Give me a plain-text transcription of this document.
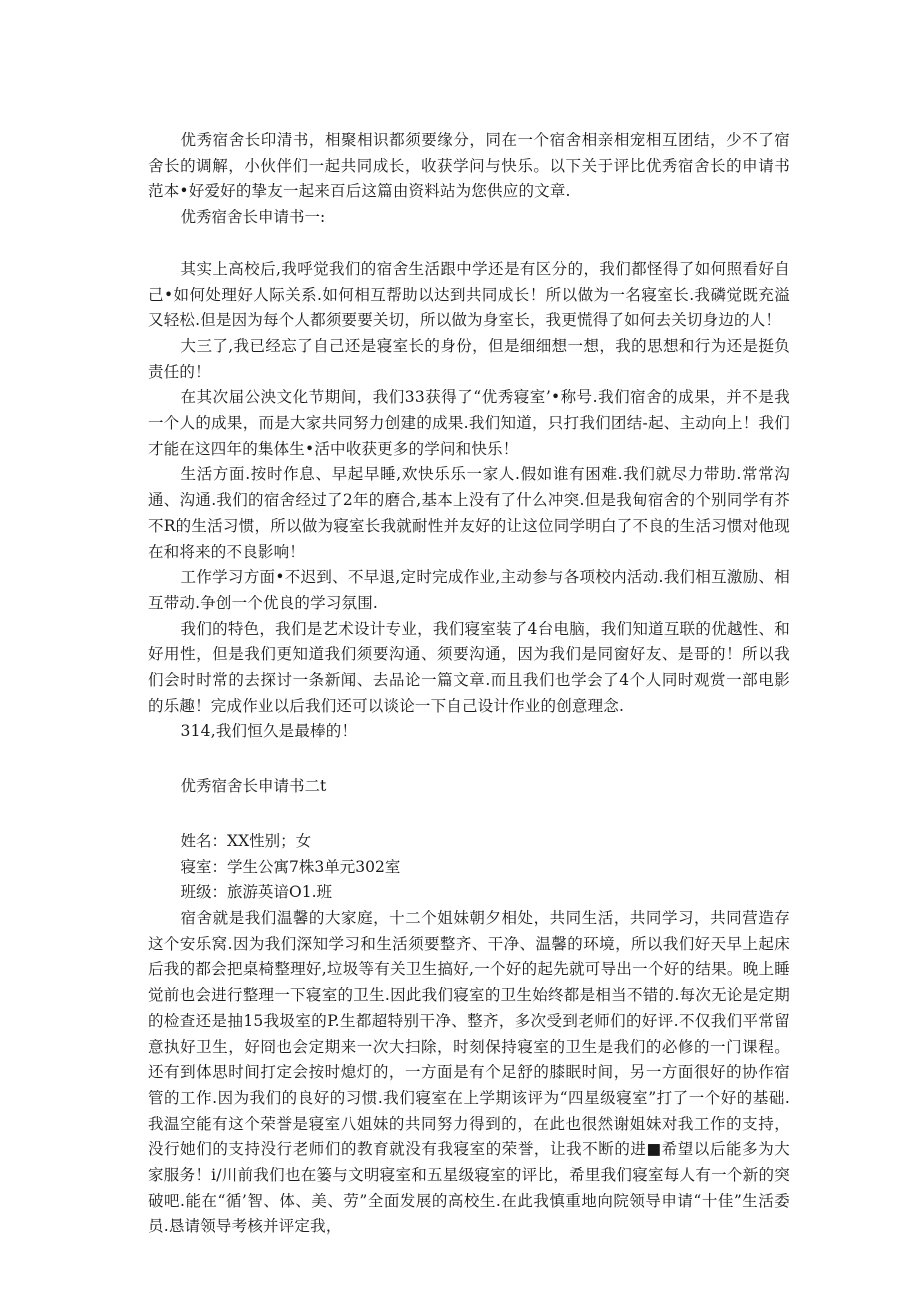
优秀宿舍长印清书，相聚相识都须要缘分，同在一个宿舍相亲相宠相互团结，少不了宿舍长的调解，小伙伴们一起共同成长，收获学问与快乐。以下关于评比优秀宿舍长的申请书范本•好爱好的挚友一起来百后这篇由资料站为您供应的文章.

优秀宿舍长申请书一:

其实上高校后,我呼觉我们的宿舍生活跟中学还是有区分的，我们都怪得了如何照看好自己•如何处理好人际关系.如何相互帮助以达到共同成长！所以做为一名寝室长.我磷觉既充溢又轻松.但是因为每个人都须要要关切，所以做为身室长，我更慌得了如何去关切身边的人！

大三了,我已经忘了自己还是寝室长的身份，但是细细想一想，我的思想和行为还是挺负责任的！

在其次届公泱文化节期间，我们33获得了“优秀寝室’•称号.我们宿舍的成果，并不是我一个人的成果，而是大家共同努力创建的成果.我们知道，只打我们团结-起、主动向上！我们才能在这四年的集体生•活中收获更多的学问和快乐！

生活方面.按时作息、早起早睡,欢快乐乐一家人.假如谁有困难.我们就尽力带助.常常沟通、沟通.我们的宿舍经过了2年的磨合,基本上没有了什么冲突.但是我甸宿舍的个别同学有芥不R的生活习惯，所以做为寝室长我就耐性并友好的让这位同学明白了不良的生活习惯对他现在和将来的不良影响！

工作学习方面•不迟到、不早退,定时完成作业,主动参与各项校内活动.我们相互激励、相互带动.争创一个优良的学习氛围.

我们的特色，我们是艺术设计专业，我们寝室装了4台电脑，我们知道互联的优越性、和好用性，但是我们更知道我们须要沟通、须要沟通，因为我们是同窗好友、是哥的！所以我们会时时常的去探讨一条新闻、去品论一篇文章.而且我们也学会了4个人同时观赏一部电影的乐趣！完成作业以后我们还可以谈论一下自己设计作业的创意理念.

314,我们恒久是最棒的！

优秀宿舍长申请书二t

姓名：XX性别；女

寝室：学生公寓7株3单元302室

班级：旅游英谙O1.班

宿舍就是我们温馨的大家庭，十二个姐妹朝夕相处，共同生活，共同学习，共同营造存这个安乐窝.因为我们深知学习和生活须要整齐、干净、温馨的环境，所以我们好天早上起床后我的都会把桌椅整理好,垃圾等有关卫生搞好,一个好的起先就可导出一个好的结果。晚上睡觉前也会进行整理一下寝室的卫生.因此我们寝室的卫生始终都是相当不错的.每次无论是定期的检查还是抽15我圾室的P.生都超特别干净、整齐，多次受到老师们的好评.不仅我们平常留意执好卫生，好冏也会定期来一次大扫除，时刻保持寝室的卫生是我们的必修的一门课程。还有到体思时间打定会按时熄灯的，一方面是有个足舒的膝眠时间，另一方面很好的协作宿管的工作.因为我们的良好的习惯.我们寝室在上学期该评为“四星级寝室”打了一个好的基础.我温空能有这个荣誉是寝室八姐妹的共同努力得到的，在此也很然谢姐妹对我工作的支持，没行她们的支持没行老师们的教育就没有我寝室的荣誉，让我不断的进■希望以后能多为大家服务！i∕川前我们也在篓与文明寝室和五星级寝室的评比，希里我们寝室每人有一个新的突破吧.能在“循’智、体、美、劳”全面发展的高校生.在此我慎重地向院领导申请“十佳”生活委员.恳请领导考核并评定我，
